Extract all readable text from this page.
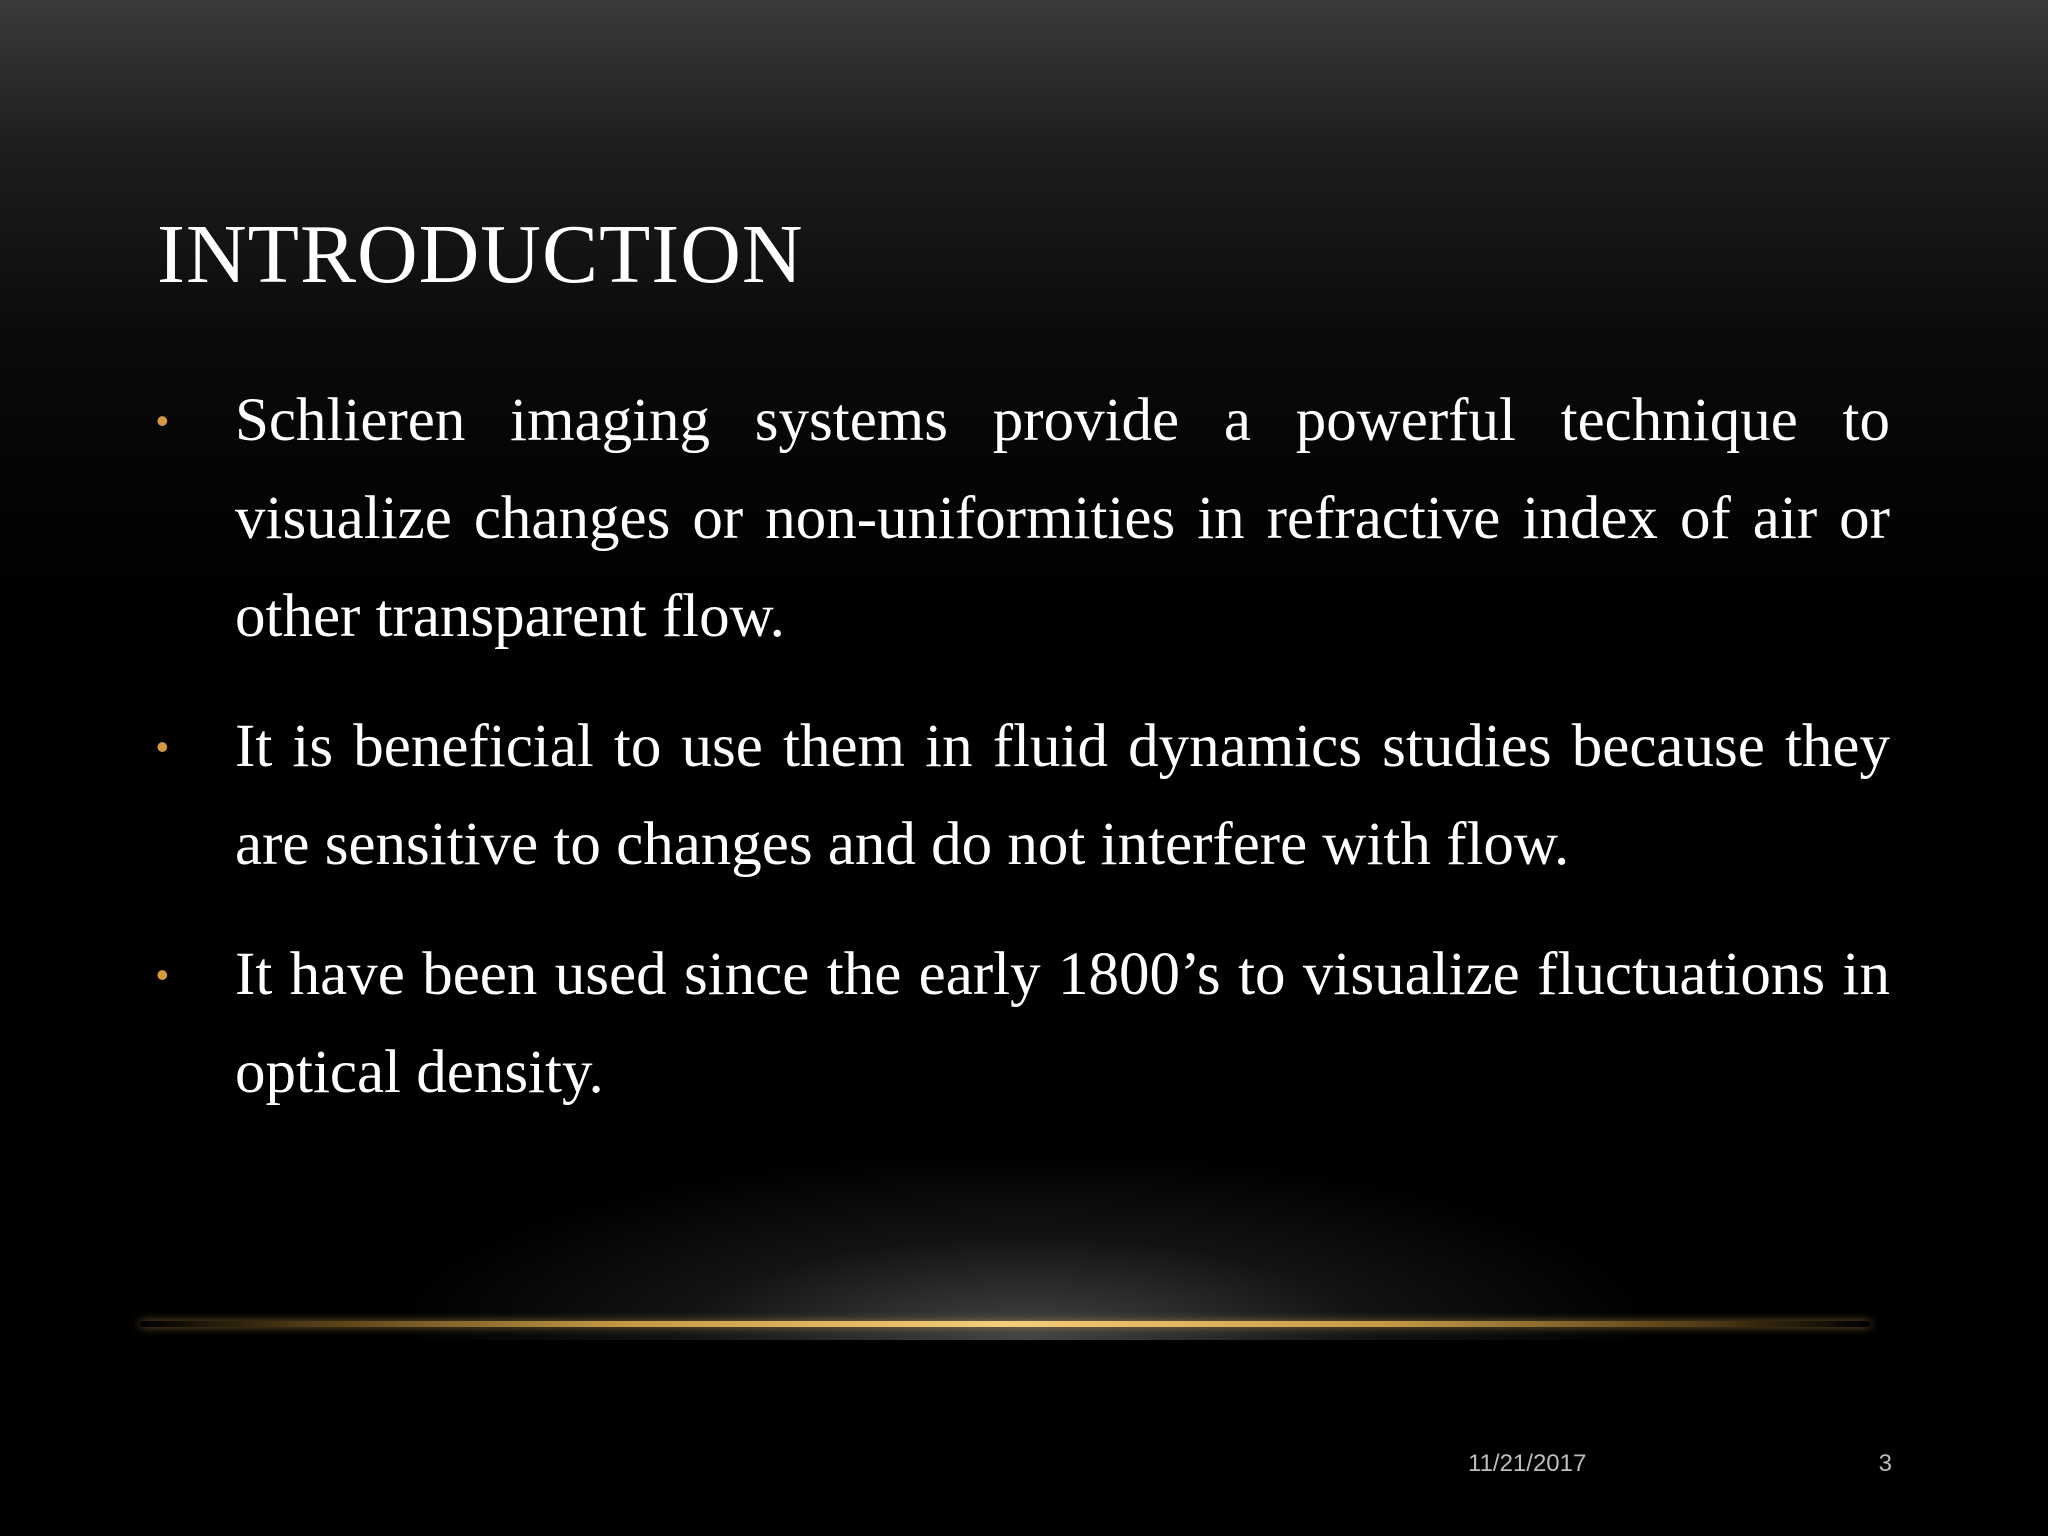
INTRODUCTION
• Schlieren imaging systems provide a powerful technique to visualize changes or non-uniformities in refractive index of air or other transparent flow.
• It is beneficial to use them in fluid dynamics studies because they are sensitive to changes and do not interfere with flow.
• It have been used since the early 1800’s to visualize fluctuations in optical density.
11/21/2017	3
